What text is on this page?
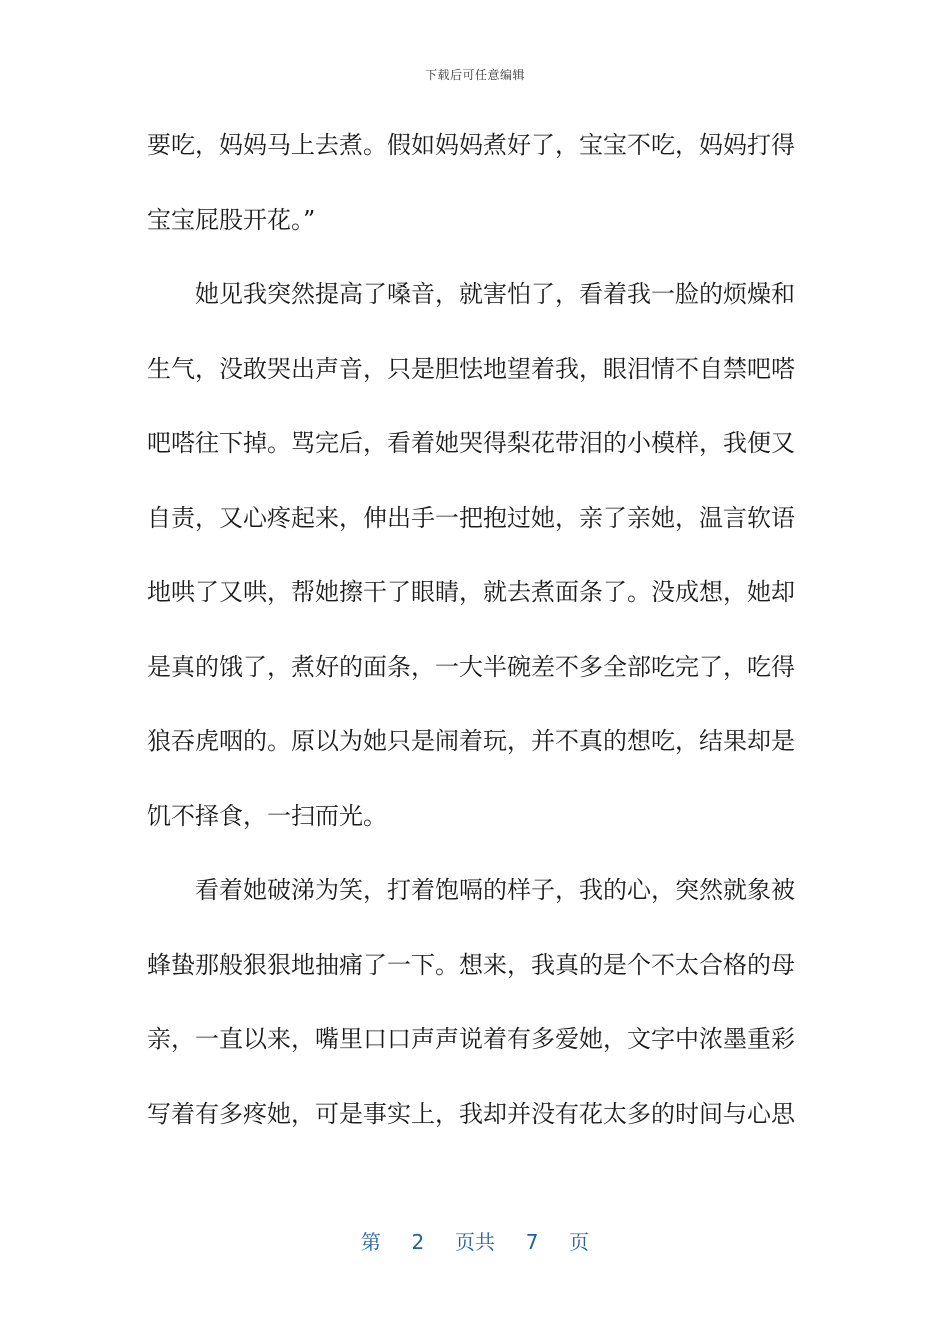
下载后可任意编辑
要吃，妈妈马上去煮。假如妈妈煮好了，宝宝不吃，妈妈打得
宝宝屁股开花。”
她见我突然提高了嗓音，就害怕了，看着我一脸的烦燥和
生气，没敢哭出声音，只是胆怯地望着我，眼泪情不自禁吧嗒
吧嗒往下掉。骂完后，看着她哭得梨花带泪的小模样，我便又
自责，又心疼起来，伸出手一把抱过她，亲了亲她，温言软语
地哄了又哄，帮她擦干了眼睛，就去煮面条了。没成想，她却
是真的饿了，煮好的面条，一大半碗差不多全部吃完了，吃得
狼吞虎咽的。原以为她只是闹着玩，并不真的想吃，结果却是
饥不择食，一扫而光。
看着她破涕为笑，打着饱嗝的样子，我的心，突然就象被
蜂蛰那般狠狠地抽痛了一下。想来，我真的是个不太合格的母
亲，一直以来，嘴里口口声声说着有多爱她，文字中浓墨重彩
写着有多疼她，可是事实上，我却并没有花太多的时间与心思
第 2 页共 7 页
